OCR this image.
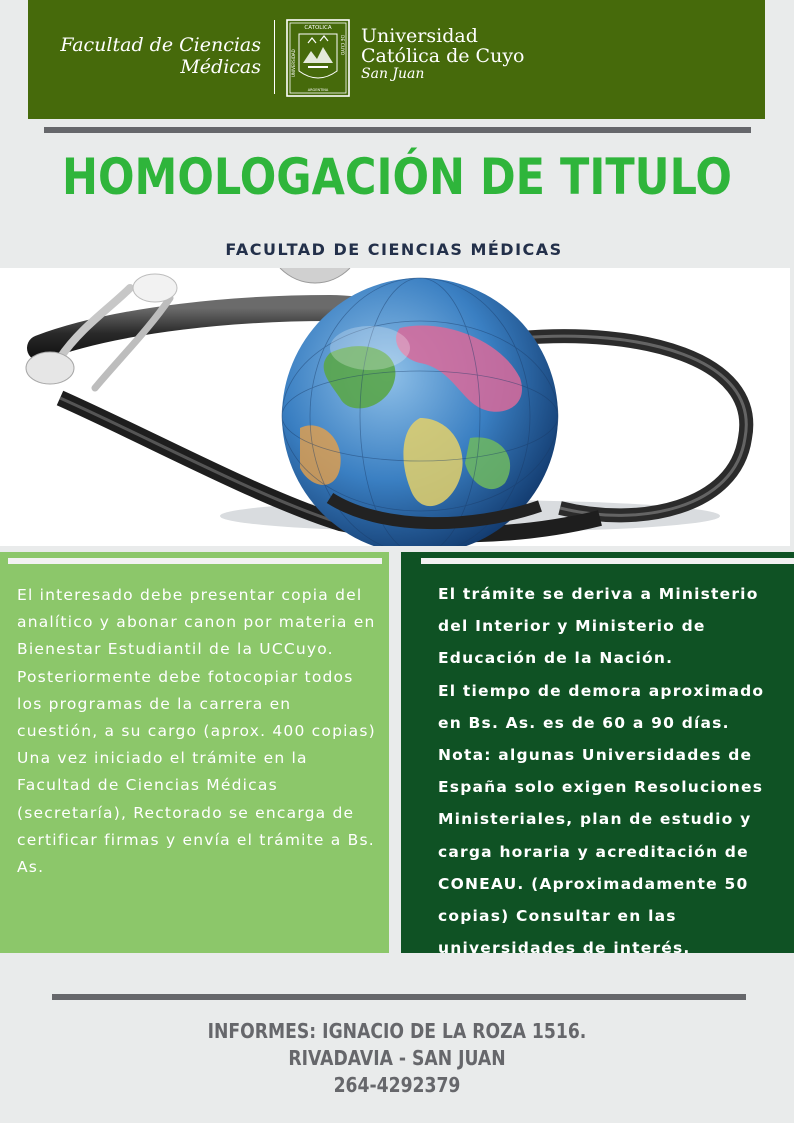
Facultad de Ciencias
Médicas
CATOLICA
ARGENTINA
UNIVERSIDAD
DE CUYO Universidad
Católica de Cuyo
San Juan
HOMOLOGACIÓN DE TITULO
FACULTAD DE CIENCIAS MÉDICAS

El interesado debe presentar copia del analítico y abonar canon por materia en Bienestar Estudiantil de la UCCuyo.

Posteriormente debe fotocopiar todos los programas de la carrera en cuestión, a su cargo (aprox. 400 copias)

Una vez iniciado el trámite en la Facultad de Ciencias Médicas (secretaría), Rectorado se encarga de certificar firmas y envía el trámite a Bs. As.

El trámite se deriva a Ministerio del Interior y Ministerio de Educación de la Nación.

El tiempo de demora aproximado en Bs. As. es de 60 a 90 días.

Nota: algunas Universidades de España solo exigen Resoluciones Ministeriales, plan de estudio y carga horaria y acreditación de CONEAU. (Aproximadamente 50 copias) Consultar en las universidades de interés.

INFORMES: IGNACIO DE LA ROZA 1516.
RIVADAVIA - SAN JUAN
264-4292379
